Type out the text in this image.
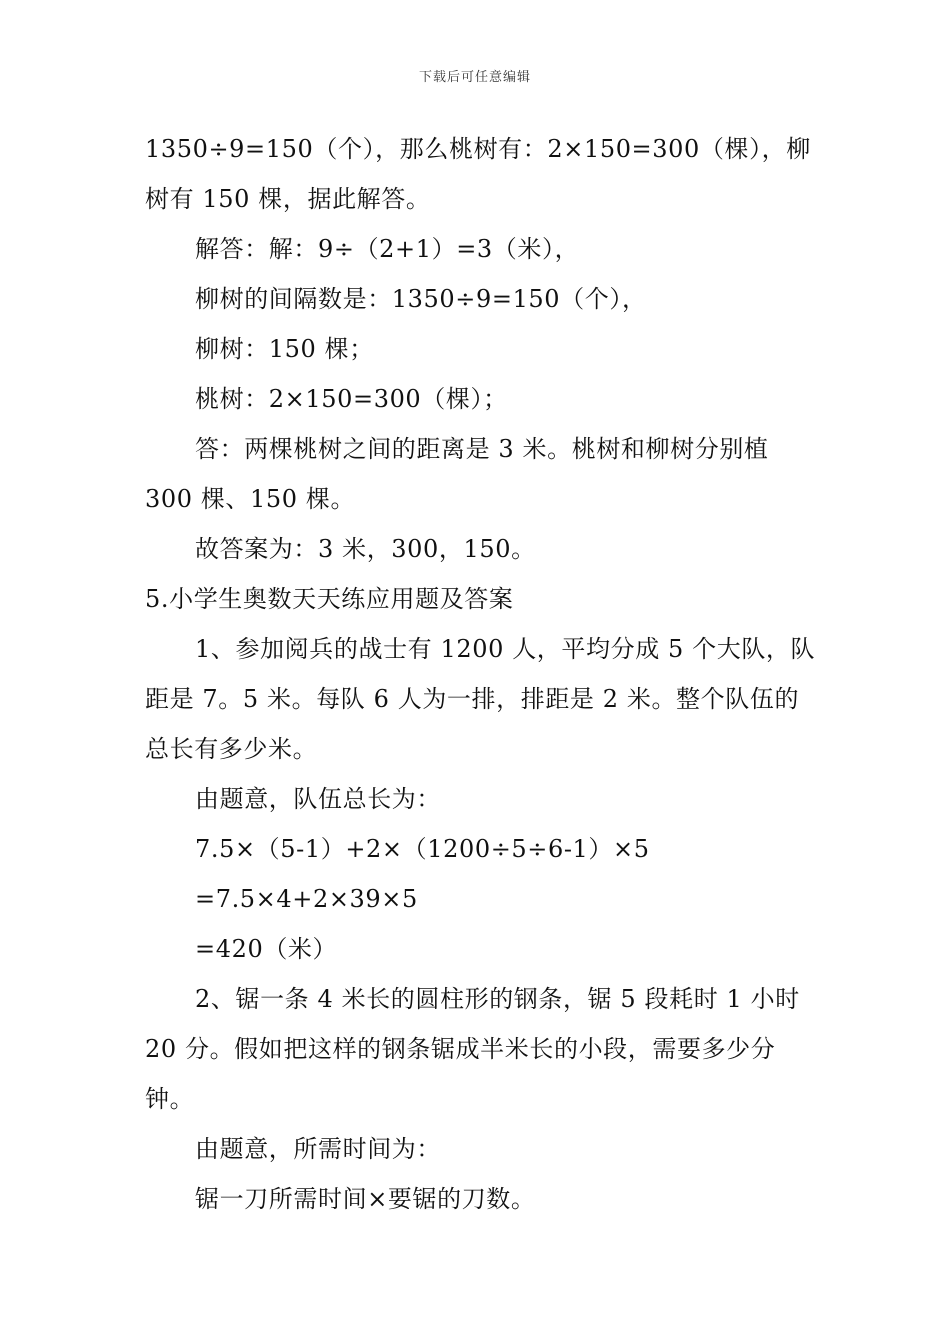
下载后可任意编辑
1350÷9=150（个），那么桃树有：2×150=300（棵），柳
树有 150 棵，据此解答。
解答：解：9÷（2+1）=3（米），
柳树的间隔数是：1350÷9=150（个），
柳树：150 棵；
桃树：2×150=300（棵）；
答：两棵桃树之间的距离是 3 米。桃树和柳树分别植
300 棵、150 棵。
故答案为：3 米，300，150。
5.小学生奥数天天练应用题及答案
1、参加阅兵的战士有 1200 人，平均分成 5 个大队，队
距是 7。5 米。每队 6 人为一排，排距是 2 米。整个队伍的
总长有多少米。
由题意，队伍总长为：
7.5×（5-1）+2×（1200÷5÷6-1）×5
=7.5×4+2×39×5
=420（米）
2、锯一条 4 米长的圆柱形的钢条，锯 5 段耗时 1 小时
20 分。假如把这样的钢条锯成半米长的小段，需要多少分
钟。
由题意，所需时间为：
锯一刀所需时间×要锯的刀数。
